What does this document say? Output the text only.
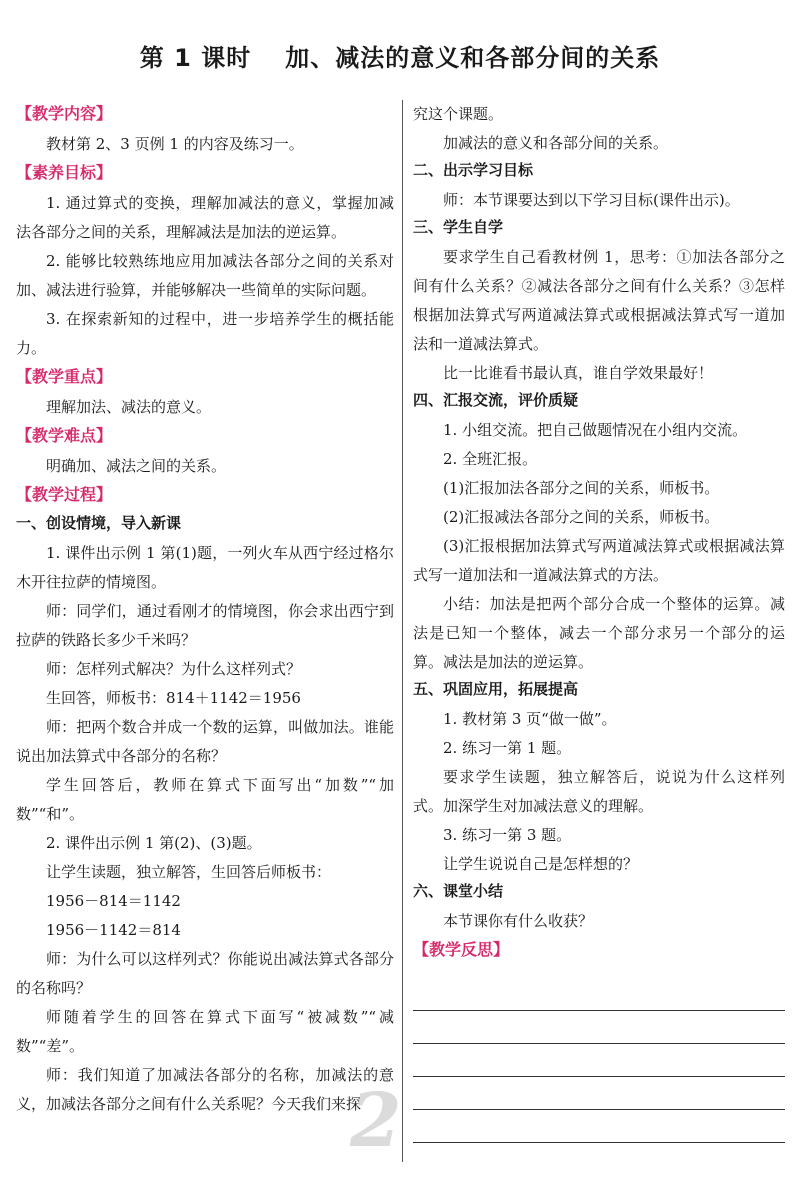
第 1 课时 加、减法的意义和各部分间的关系
【教学内容】

教材第 2、3 页例 1 的内容及练习一。

【素养目标】

1. 通过算式的变换，理解加减法的意义，掌握加减法各部分之间的关系，理解减法是加法的逆运算。

2. 能够比较熟练地应用加减法各部分之间的关系对加、减法进行验算，并能够解决一些简单的实际问题。

3. 在探索新知的过程中，进一步培养学生的概括能力。

【教学重点】

理解加法、减法的意义。

【教学难点】

明确加、减法之间的关系。

【教学过程】
一、创设情境，导入新课

1. 课件出示例 1 第(1)题，一列火车从西宁经过格尔木开往拉萨的情境图。

师：同学们，通过看刚才的情境图，你会求出西宁到拉萨的铁路长多少千米吗？

师：怎样列式解决？为什么这样列式？

生回答，师板书：814＋1142＝1956

师：把两个数合并成一个数的运算，叫做加法。谁能说出加法算式中各部分的名称？

学生回答后，教师在算式下面写出“加数”“加数”“和”。

2. 课件出示例 1 第(2)、(3)题。

让学生读题，独立解答，生回答后师板书：

1956－814＝1142

1956－1142＝814

师：为什么可以这样列式？你能说出减法算式各部分的名称吗？

师随着学生的回答在算式下面写“被减数”“减数”“差”。

师：我们知道了加减法各部分的名称，加减法的意义，加减法各部分之间有什么关系呢？今天我们来探

究这个课题。

加减法的意义和各部分间的关系。

二、出示学习目标

师：本节课要达到以下学习目标(课件出示)。

三、学生自学

要求学生自己看教材例 1，思考：①加法各部分之间有什么关系？②减法各部分之间有什么关系？③怎样根据加法算式写两道减法算式或根据减法算式写一道加法和一道减法算式。

比一比谁看书最认真，谁自学效果最好！

四、汇报交流，评价质疑

1. 小组交流。把自己做题情况在小组内交流。

2. 全班汇报。

(1)汇报加法各部分之间的关系，师板书。

(2)汇报减法各部分之间的关系，师板书。

(3)汇报根据加法算式写两道减法算式或根据减法算式写一道加法和一道减法算式的方法。

小结：加法是把两个部分合成一个整体的运算。减法是已知一个整体，减去一个部分求另一个部分的运算。减法是加法的逆运算。

五、巩固应用，拓展提高

1. 教材第 3 页“做一做”。

2. 练习一第 1 题。

要求学生读题，独立解答后，说说为什么这样列式。加深学生对加减法意义的理解。

3. 练习一第 3 题。

让学生说说自己是怎样想的？

六、课堂小结

本节课你有什么收获？

【教学反思】
2
